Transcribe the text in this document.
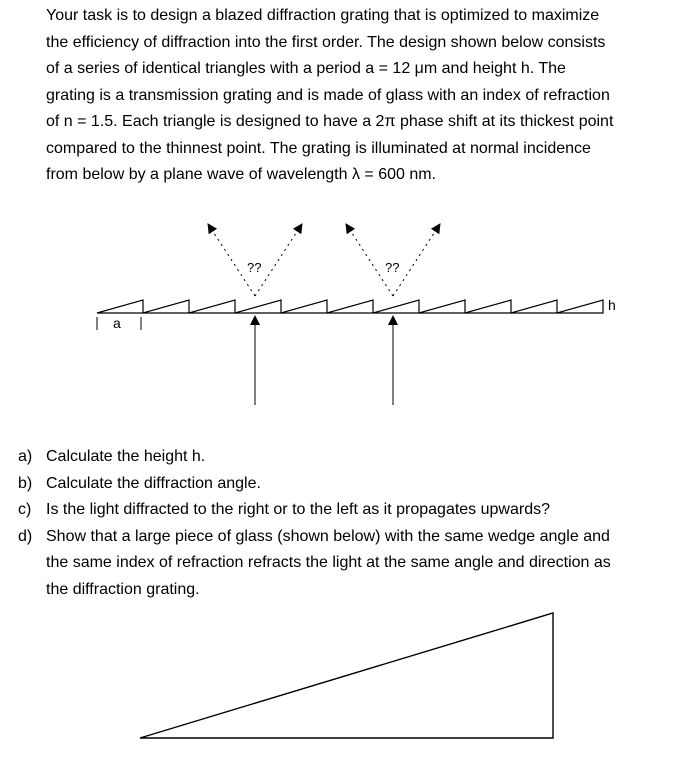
Your task is to design a blazed diffraction grating that is optimized to maximize
the efficiency of diffraction into the first order. The design shown below consists
of a series of identical triangles with a period a = 12 μm and height h. The
grating is a transmission grating and is made of glass with an index of refraction
of n = 1.5. Each triangle is designed to have a 2π phase shift at its thickest point
compared to the thinnest point. The grating is illuminated at normal incidence
from below by a plane wave of wavelength λ = 600 nm.

h
a
??	??
a) Calculate the height h.
b) Calculate the diffraction angle.
c) Is the light diffracted to the right or to the left as it propagates upwards?
d) Show that a large piece of glass (shown below) with the same wedge angle and
the same index of refraction refracts the light at the same angle and direction as
the diffraction grating.
